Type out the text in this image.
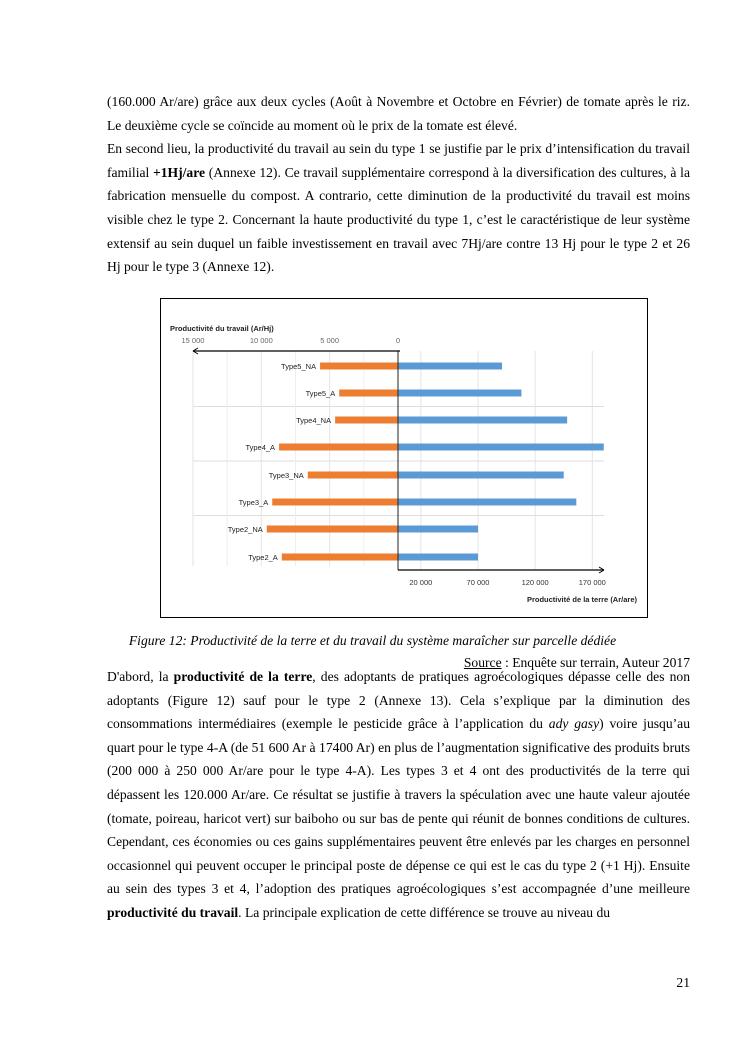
(160.000 Ar/are) grâce aux deux cycles (Août à Novembre et Octobre en Février) de tomate après le riz. Le deuxième cycle se coïncide au moment où le prix de la tomate est élevé.
En second lieu, la productivité du travail au sein du type 1 se justifie par le prix d’intensification du travail familial +1Hj/are (Annexe 12). Ce travail supplémentaire correspond à la diversification des cultures, à la fabrication mensuelle du compost. A contrario, cette diminution de la productivité du travail est moins visible chez le type 2. Concernant la haute productivité du type 1, c’est le caractéristique de leur système extensif au sein duquel un faible investissement en travail avec 7Hj/are contre 13 Hj pour le type 2 et 26 Hj pour le type 3 (Annexe 12).
Type5_NA
Type5_A
Type4_NA
Type4_A
Type3_NA
Type3_A
Type2_NA
Type2_A
15 000	10 000	5 000	0
20 000	70 000	120 000	170 000
Productivité du travail (Ar/Hj)
Productivité de la terre (Ar/are)
Figure 12: Productivité de la terre et du travail du système maraîcher sur parcelle dédiée
Source : Enquête sur terrain, Auteur 2017
D'abord, la productivité de la terre, des adoptants de pratiques agroécologiques dépasse celle des non adoptants (Figure 12) sauf pour le type 2 (Annexe 13). Cela s’explique par la diminution des consommations intermédiaires (exemple le pesticide grâce à l’application du ady gasy) voire jusqu’au quart pour le type 4-A (de 51 600 Ar à 17400 Ar) en plus de l’augmentation significative des produits bruts (200 000 à 250 000 Ar/are pour le type 4-A). Les types 3 et 4 ont des productivités de la terre qui dépassent les 120.000 Ar/are. Ce résultat se justifie à travers la spéculation avec une haute valeur ajoutée (tomate, poireau, haricot vert) sur baiboho ou sur bas de pente qui réunit de bonnes conditions de cultures. Cependant, ces économies ou ces gains supplémentaires peuvent être enlevés par les charges en personnel occasionnel qui peuvent occuper le principal poste de dépense ce qui est le cas du type 2 (+1 Hj). Ensuite au sein des types 3 et 4, l’adoption des pratiques agroécologiques s’est accompagnée d’une meilleure productivité du travail. La principale explication de cette différence se trouve au niveau du
21
